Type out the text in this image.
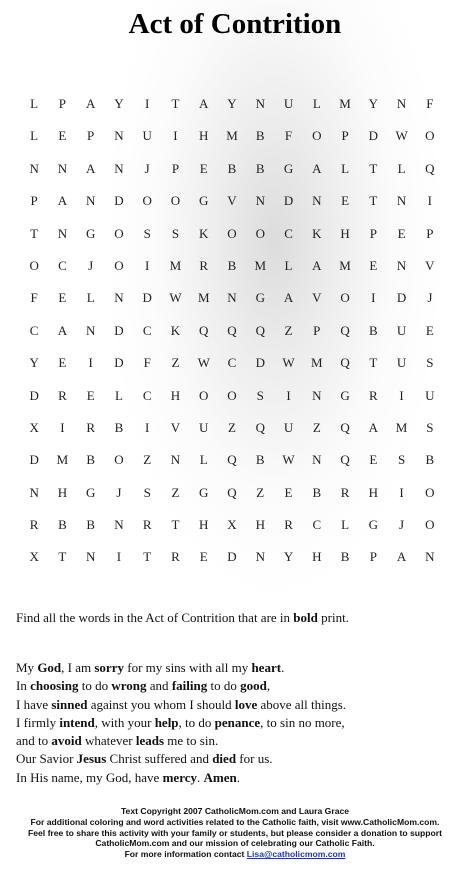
Act of Contrition
L	P	A	Y	I	T	A	Y	N	U	L	M	Y	N	F
L	E	P	N	U	I	H	M	B	F	O	P	D	W	O
N	N	A	N	J	P	E	B	B	G	A	L	T	L	Q
P	A	N	D	O	O	G	V	N	D	N	E	T	N	I
T	N	G	O	S	S	K	O	O	C	K	H	P	E	P
O	C	J	O	I	M	R	B	M	L	A	M	E	N	V
F	E	L	N	D	W	M	N	G	A	V	O	I	D	J
C	A	N	D	C	K	Q	Q	Q	Z	P	Q	B	U	E
Y	E	I	D	F	Z	W	C	D	W	M	Q	T	U	S
D	R	E	L	C	H	O	O	S	I	N	G	R	I	U
X	I	R	B	I	V	U	Z	Q	U	Z	Q	A	M	S
D	M	B	O	Z	N	L	Q	B	W	N	Q	E	S	B
N	H	G	J	S	Z	G	Q	Z	E	B	R	H	I	O
R	B	B	N	R	T	H	X	H	R	C	L	G	J	O
X	T	N	I	T	R	E	D	N	Y	H	B	P	A	N
Find all the words in the Act of Contrition that are in bold print.
My God, I am sorry for my sins with all my heart.
In choosing to do wrong and failing to do good,
I have sinned against you whom I should love above all things.
I firmly intend, with your help, to do penance, to sin no more,
and to avoid whatever leads me to sin.
Our Savior Jesus Christ suffered and died for us.
In His name, my God, have mercy. Amen.
Text Copyright 2007 CatholicMom.com and Laura Grace
For additional coloring and word activities related to the Catholic faith, visit www.CatholicMom.com.
Feel free to share this activity with your family or students, but please consider a donation to support
CatholicMom.com and our mission of celebrating our Catholic Faith.
For more information contact Lisa@catholicmom.com
